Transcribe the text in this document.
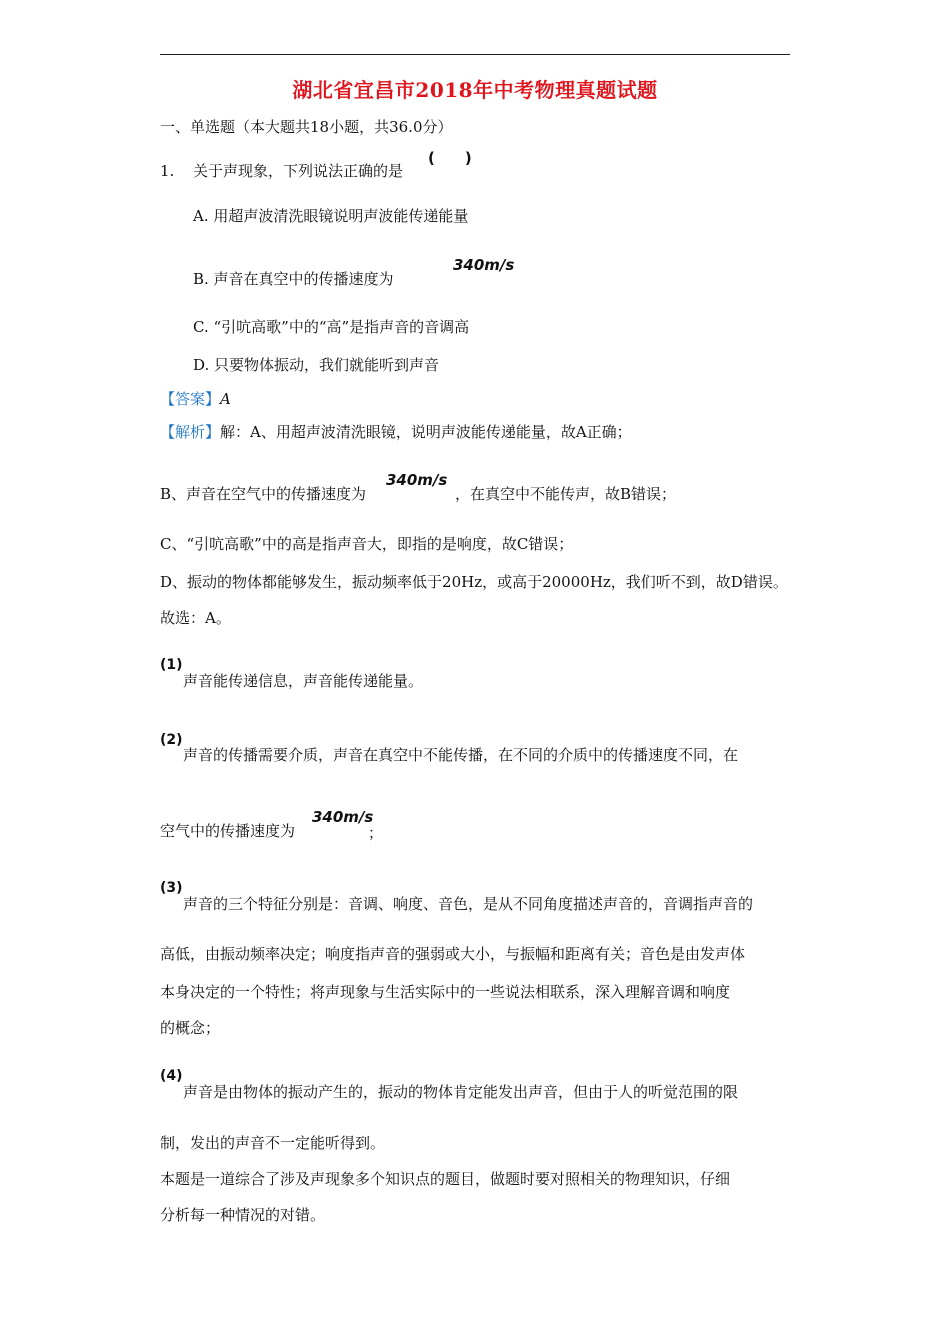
湖北省宜昌市2018年中考物理真题试题
一、单选题（本大题共18小题，共36.0分）
1. 关于声现象，下列说法正确的是
(　　)
A. 用超声波清洗眼镜说明声波能传递能量
B. 声音在真空中的传播速度为
340m/s
C. “引吭高歌”中的“高”是指声音的音调高
D. 只要物体振动，我们就能听到声音
【答案】A
【解析】解：A、用超声波清洗眼镜，说明声波能传递能量，故A正确；
B、声音在空气中的传播速度为
340m/s
，在真空中不能传声，故B错误；
C、“引吭高歌”中的高是指声音大，即指的是响度，故C错误；
D、振动的物体都能够发生，振动频率低于20Hz，或高于20000Hz，我们听不到，故D错误。
故选：A。
(1)
声音能传递信息，声音能传递能量。
(2)
声音的传播需要介质，声音在真空中不能传播，在不同的介质中的传播速度不同，在
空气中的传播速度为
340m/s
；
(3)
声音的三个特征分别是：音调、响度、音色，是从不同角度描述声音的，音调指声音的
高低，由振动频率决定；响度指声音的强弱或大小，与振幅和距离有关；音色是由发声体
本身决定的一个特性；将声现象与生活实际中的一些说法相联系，深入理解音调和响度
的概念；
(4)
声音是由物体的振动产生的，振动的物体肯定能发出声音，但由于人的听觉范围的限
制，发出的声音不一定能听得到。
本题是一道综合了涉及声现象多个知识点的题目，做题时要对照相关的物理知识，仔细
分析每一种情况的对错。
